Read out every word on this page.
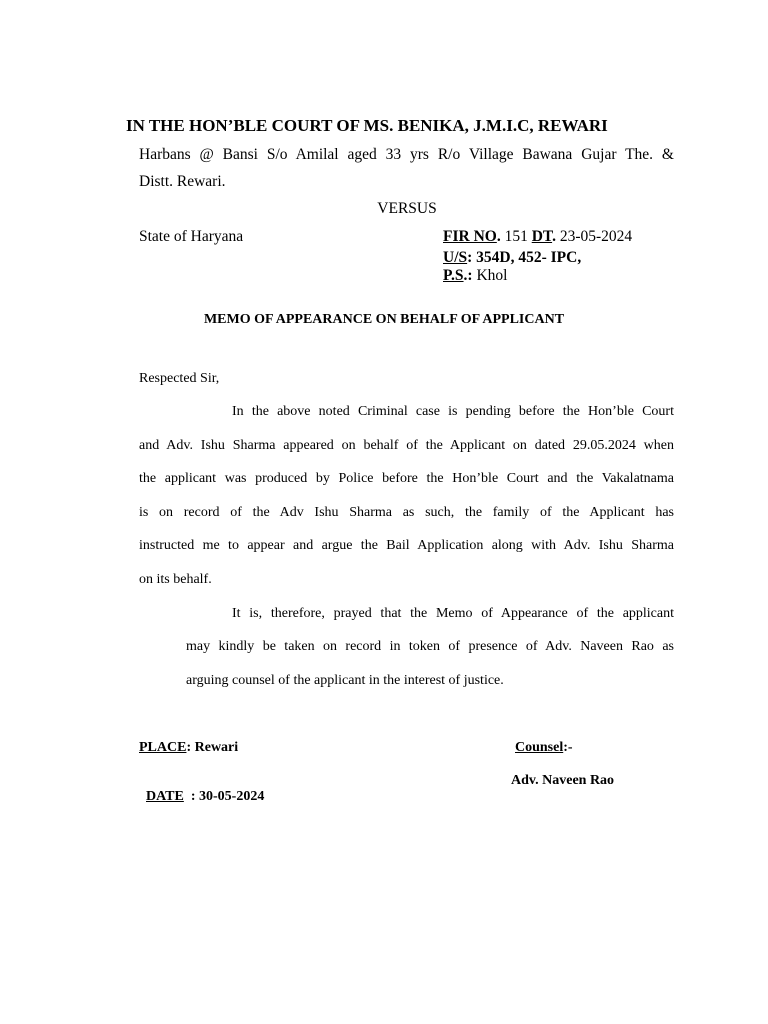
IN THE HON’BLE COURT OF MS. BENIKA, J.M.I.C, REWARI
Harbans @ Bansi S/o Amilal aged 33 yrs R/o Village Bawana Gujar The. &
Distt. Rewari.
VERSUS
State of Haryana	FIR NO. 151 DT. 23-05-2024
U/S: 354D, 452- IPC,
P.S.: Khol
MEMO OF APPEARANCE ON BEHALF OF APPLICANT
Respected Sir,
In the above noted Criminal case is pending before the Hon’ble Court
and Adv. Ishu Sharma appeared on behalf of the Applicant on dated 29.05.2024 when
the applicant was produced by Police before the Hon’ble Court and the Vakalatnama
is on record of the Adv Ishu Sharma as such, the family of the Applicant has
instructed me to appear and argue the Bail Application along with Adv. Ishu Sharma
on its behalf.
It is, therefore, prayed that the Memo of Appearance of the applicant
may kindly be taken on record in token of presence of Adv. Naveen Rao as
arguing counsel of the applicant in the interest of justice.
PLACE: Rewari

DATE  : 30-05-2024

Counsel:-
Adv. Naveen Rao
